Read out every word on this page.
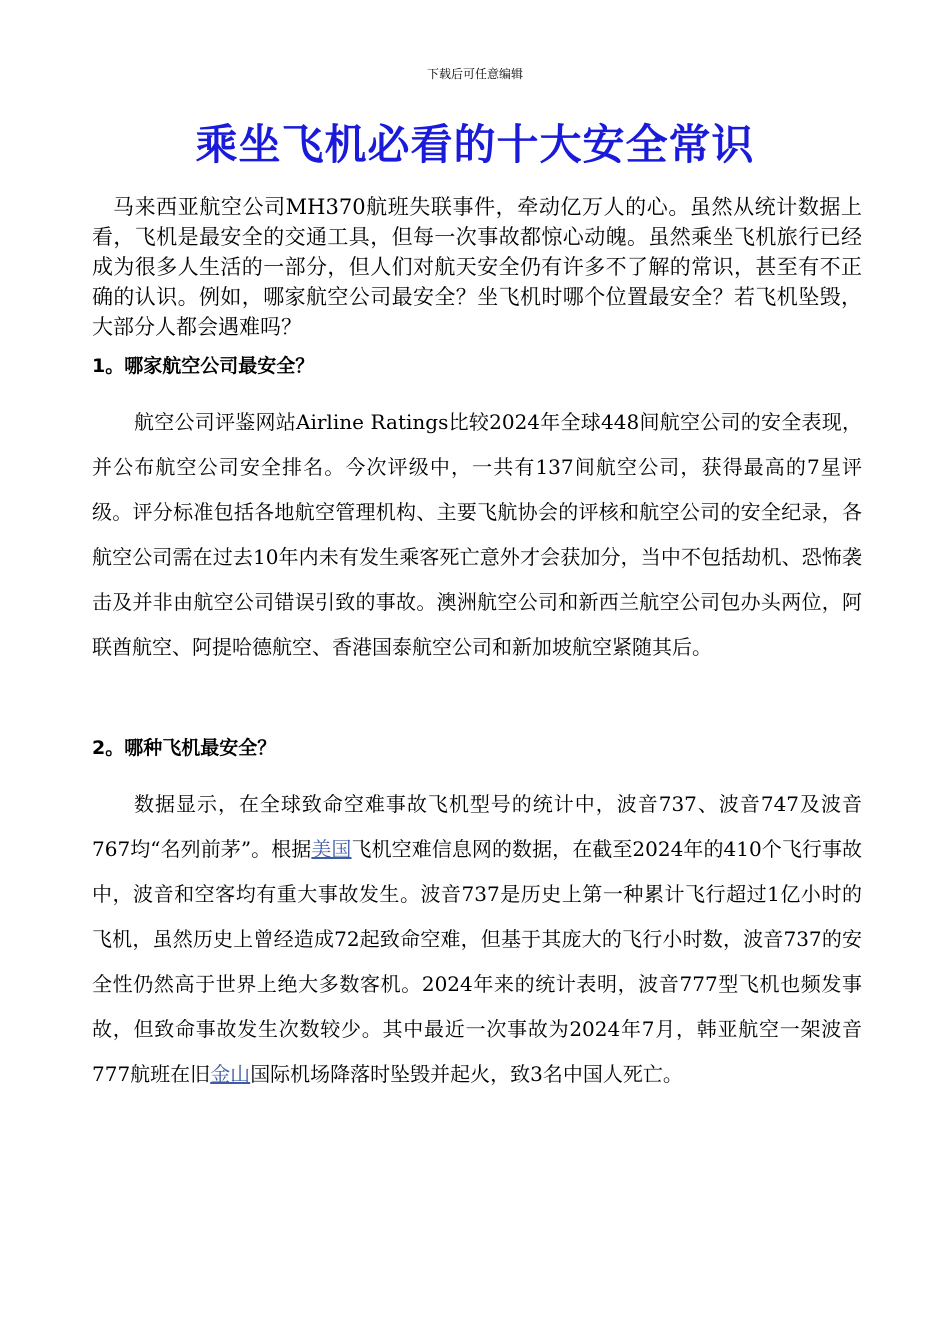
下载后可任意编辑
乘坐飞机必看的十大安全常识

马来西亚航空公司MH370航班失联事件，牵动亿万人的心。虽然从统计数据上看，飞机是最安全的交通工具，但每一次事故都惊心动魄。虽然乘坐飞机旅行已经成为很多人生活的一部分，但人们对航天安全仍有许多不了解的常识，甚至有不正确的认识。例如，哪家航空公司最安全？坐飞机时哪个位置最安全？若飞机坠毁，大部分人都会遇难吗？

1。哪家航空公司最安全？

航空公司评鉴网站Airline Ratings比较2024年全球448间航空公司的安全表现，并公布航空公司安全排名。今次评级中，一共有137间航空公司，获得最高的7星评级。评分标准包括各地航空管理机构、主要飞航协会的评核和航空公司的安全纪录，各航空公司需在过去10年内未有发生乘客死亡意外才会获加分，当中不包括劫机、恐怖袭击及并非由航空公司错误引致的事故。澳洲航空公司和新西兰航空公司包办头两位，阿联酋航空、阿提哈德航空、香港国泰航空公司和新加坡航空紧随其后。

2。哪种飞机最安全？

数据显示，在全球致命空难事故飞机型号的统计中，波音737、波音747及波音767均“名列前茅”。根据美国飞机空难信息网的数据，在截至2024年的410个飞行事故中，波音和空客均有重大事故发生。波音737是历史上第一种累计飞行超过1亿小时的飞机，虽然历史上曾经造成72起致命空难，但基于其庞大的飞行小时数，波音737的安全性仍然高于世界上绝大多数客机。2024年来的统计表明，波音777型飞机也频发事故，但致命事故发生次数较少。其中最近一次事故为2024年7月，韩亚航空一架波音777航班在旧金山国际机场降落时坠毁并起火，致3名中国人死亡。
